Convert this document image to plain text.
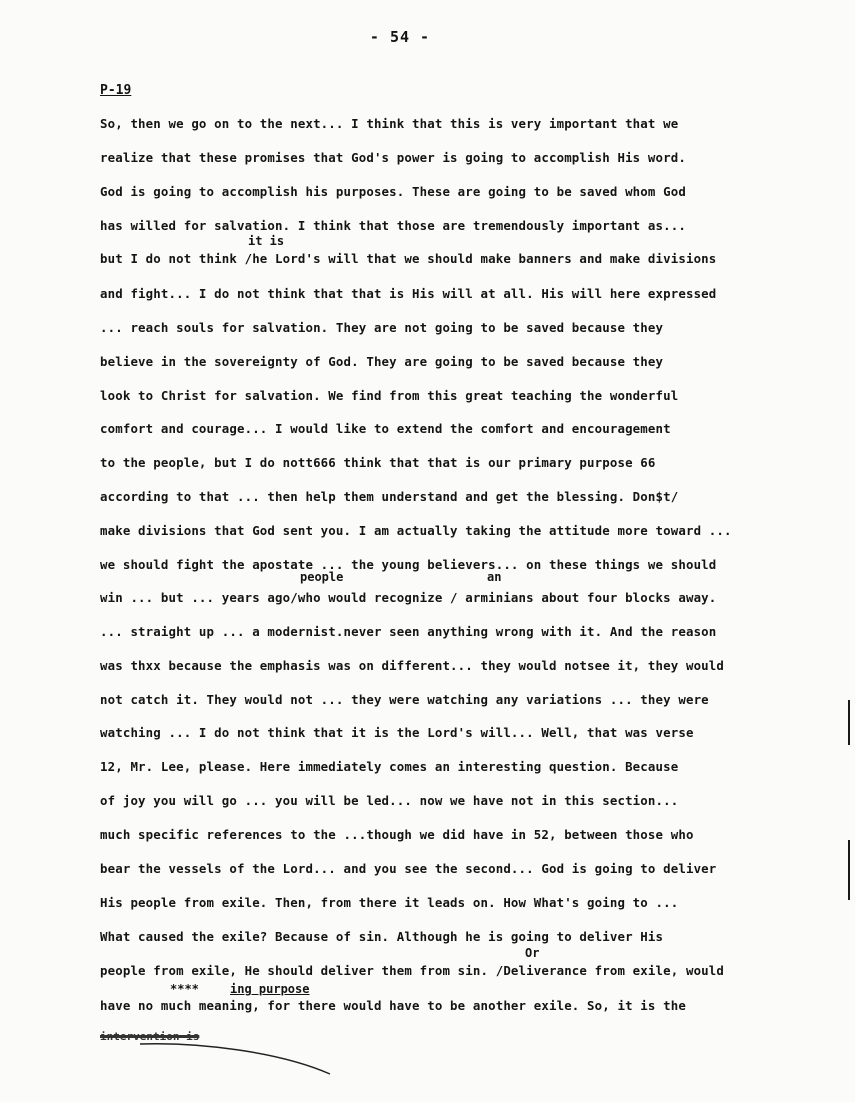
- 54 -
P-19
it is
people	an
Or
****	ing purpose
So, then we go on to the next... I think that this is very important that we
realize that these promises that God's power is going to accomplish His word.
God is going to accomplish his purposes. These are going to be saved whom God
has willed for salvation. I think that those are tremendously important as...
but I do not think /he Lord's will that we should make banners and make divisions
and fight... I do not think that that is His will at all. His will here expressed
... reach souls for salvation. They are not going to be saved because they
believe in the sovereignty of God. They are going to be saved because they
look to Christ for salvation. We find from this great teaching the wonderful
comfort and courage... I would like to extend the comfort and encouragement
to the people, but I do nott666 think that that is our primary purpose 66
according to that ... then help them understand and get the blessing. Don$t/
make divisions that God sent you. I am actually taking the attitude more toward ...
we should fight the apostate ... the young believers... on these things we should
win ... but ... years ago/who would recognize / arminians about four blocks away.
... straight up ... a modernist.never seen anything wrong with it. And the reason
was thxx because the emphasis was on different... they would notsee it, they would
not catch it. They would not ... they were watching any variations ... they were
watching ... I do not think that it is the Lord's will... Well, that was verse
12, Mr. Lee, please. Here immediately comes an interesting question. Because
of joy you will go ... you will be led... now we have not in this section...
much specific references to the ...though we did have in 52, between those who
bear the vessels of the Lord... and you see the second... God is going to deliver
His people from exile. Then, from there it leads on. How What's going to ...
What caused the exile? Because of sin. Although he is going to deliver His
people from exile, He should deliver them from sin. /Deliverance from exile, would
have no much meaning, for there would have to be another exile. So, it is the
intervention is
